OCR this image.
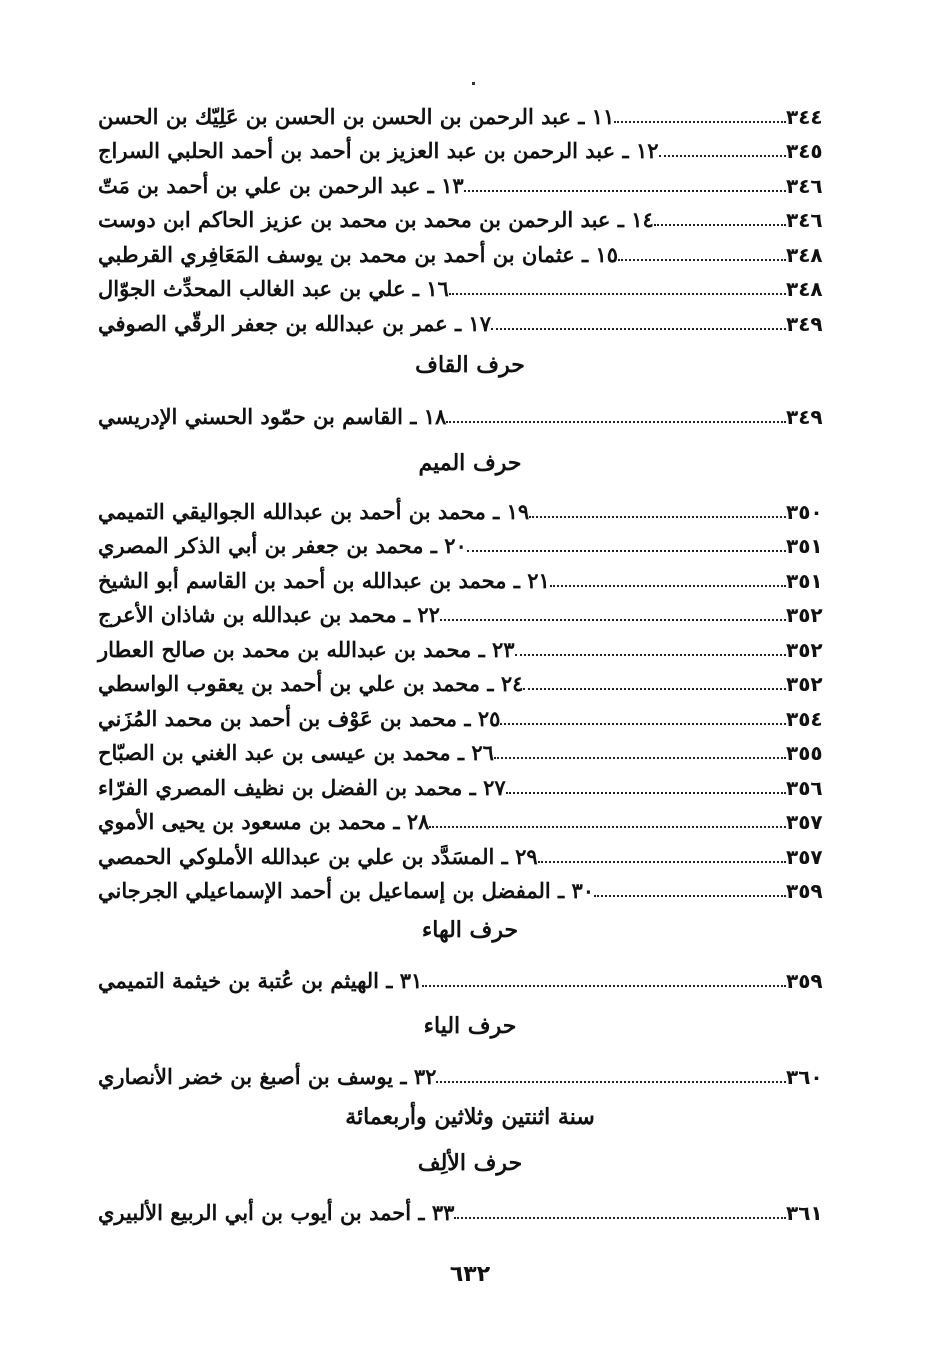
١١ ـ عبد الرحمن بن الحسن بن الحسن بن عَلِيّك بن الحسن	٣٤٤
١٢ ـ عبد الرحمن بن عبد العزيز بن أحمد بن أحمد الحلبي السراج	٣٤٥
١٣ ـ عبد الرحمن بن علي بن أحمد بن مَتّ	٣٤٦
١٤ ـ عبد الرحمن بن محمد بن محمد بن عزيز الحاكم ابن دوست	٣٤٦
١٥ ـ عثمان بن أحمد بن محمد بن يوسف المَعَافِري القرطبي	٣٤٨
١٦ ـ علي بن عبد الغالب المحدِّث الجوّال	٣٤٨
١٧ ـ عمر بن عبدالله بن جعفر الرقّي الصوفي	٣٤٩
حرف القاف
١٨ ـ القاسم بن حمّود الحسني الإدريسي	٣٤٩
حرف الميم
١٩ ـ محمد بن أحمد بن عبدالله الجواليقي التميمي	٣٥٠
٢٠ ـ محمد بن جعفر بن أبي الذكر المصري	٣٥١
٢١ ـ محمد بن عبدالله بن أحمد بن القاسم أبو الشيخ	٣٥١
٢٢ ـ محمد بن عبدالله بن شاذان الأعرج	٣٥٢
٢٣ ـ محمد بن عبدالله بن محمد بن صالح العطار	٣٥٢
٢٤ ـ محمد بن علي بن أحمد بن يعقوب الواسطي	٣٥٢
٢٥ ـ محمد بن عَوْف بن أحمد بن محمد المُزَني	٣٥٤
٢٦ ـ محمد بن عيسى بن عبد الغني بن الصبّاح	٣٥٥
٢٧ ـ محمد بن الفضل بن نظيف المصري الفرّاء	٣٥٦
٢٨ ـ محمد بن مسعود بن يحيى الأموي	٣٥٧
٢٩ ـ المسَدَّد بن علي بن عبدالله الأملوكي الحمصي	٣٥٧
٣٠ ـ المفضل بن إسماعيل بن أحمد الإسماعيلي الجرجاني	٣٥٩
حرف الهاء
٣١ ـ الهيثم بن عُتبة بن خيثمة التميمي	٣٥٩
حرف الياء
٣٢ ـ يوسف بن أصبغ بن خضر الأنصاري	٣٦٠
سنة اثنتين وثلاثين وأربعمائة
حرف الألِف
٣٣ ـ أحمد بن أيوب بن أبي الربيع الألبيري	٣٦١
٦٣٢
